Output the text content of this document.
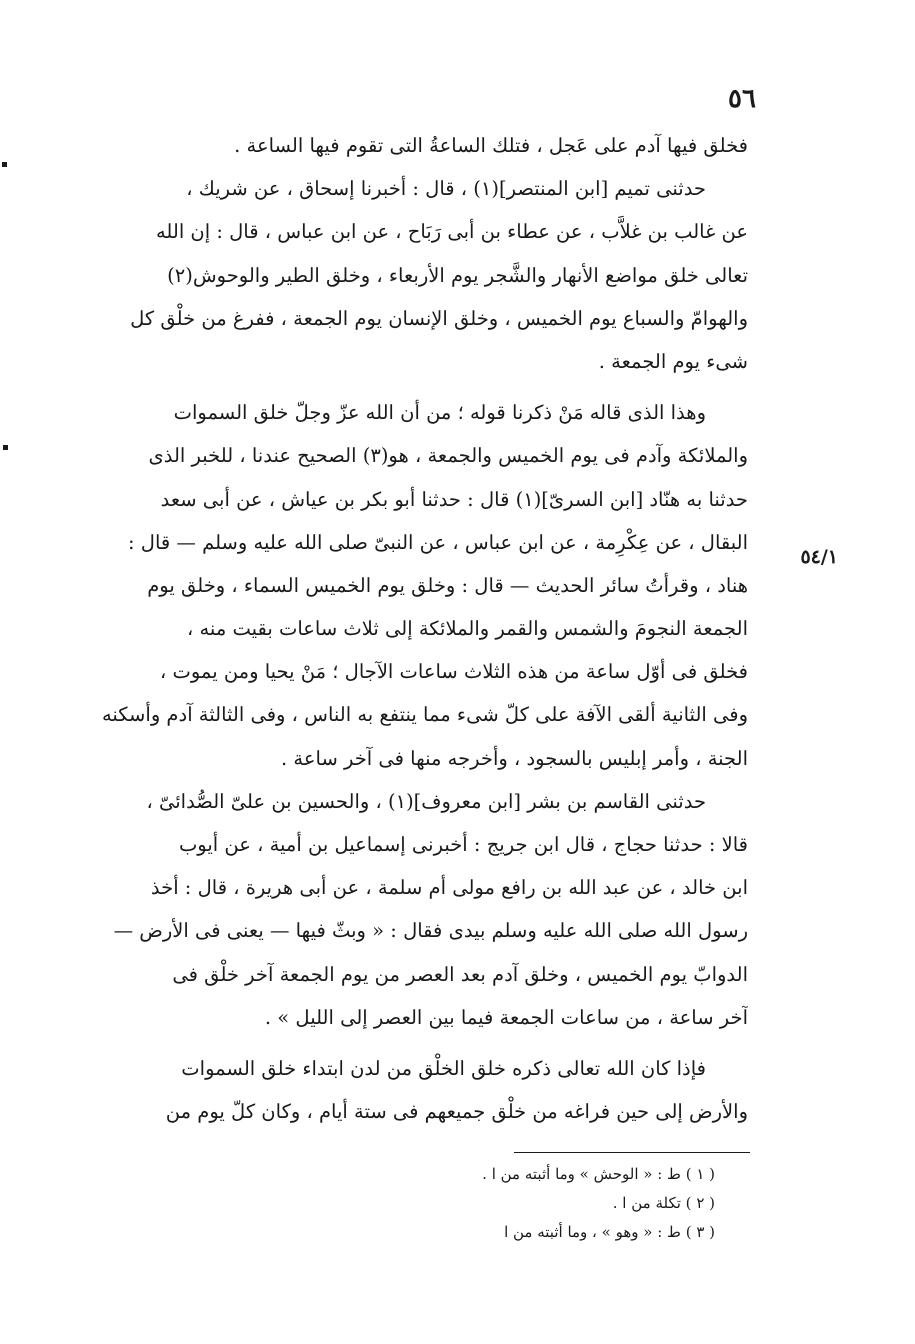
٥٦
٥٤/١
فخلق فيها آدم على عَجل ، فتلك الساعةُ التى تقوم فيها الساعة .
حدثنى تميم [ابن المنتصر](١) ، قال : أخبرنا إسحاق ، عن شريك ،
عن غالب بن غلاَّب ، عن عطاء بن أبى رَبَاح ، عن ابن عباس ، قال : إن الله
تعالى خلق مواضع الأنهار والشَّجر يوم الأربعاء ، وخلق الطير والوحوش(٢)
والهوامّ والسباع يوم الخميس ، وخلق الإنسان يوم الجمعة ، ففرغ من خلْق كل
شىء يوم الجمعة .
وهذا الذى قاله مَنْ ذكرنا قوله ؛ من أن الله عزّ وجلّ خلق السموات
والملائكة وآدم فى يوم الخميس والجمعة ، هو(٣) الصحيح عندنا ، للخبر الذى
حدثنا به هنّاد [ابن السرىّ](١) قال : حدثنا أبو بكر بن عياش ، عن أبى سعد
البقال ، عن عِكْرِمة ، عن ابن عباس ، عن النبىّ صلى الله عليه وسلم — قال :
هناد ، وقرأتُ سائر الحديث — قال : وخلق يوم الخميس السماء ، وخلق يوم
الجمعة النجومَ والشمس والقمر والملائكة إلى ثلاث ساعات بقيت منه ،
فخلق فى أوّل ساعة من هذه الثلاث ساعات الآجال ؛ مَنْ يحيا ومن يموت ،
وفى الثانية ألقى الآفة على كلّ شىء مما ينتفع به الناس ، وفى الثالثة آدم وأسكنه
الجنة ، وأمر إبليس بالسجود ، وأخرجه منها فى آخر ساعة .
حدثنى القاسم بن بشر [ابن معروف](١) ، والحسين بن علىّ الصُّدائىّ ،
قالا : حدثنا حجاج ، قال ابن جريج : أخبرنى إسماعيل بن أمية ، عن أيوب
ابن خالد ، عن عبد الله بن رافع مولى أم سلمة ، عن أبى هريرة ، قال : أخذ
رسول الله صلى الله عليه وسلم بيدى فقال : « وبثّ فيها — يعنى فى الأرض —
الدوابّ يوم الخميس ، وخلق آدم بعد العصر من يوم الجمعة آخر خلْق فى
آخر ساعة ، من ساعات الجمعة فيما بين العصر إلى الليل » .
فإذا كان الله تعالى ذكره خلق الخلْق من لدن ابتداء خلق السموات
والأرض إلى حين فراغه من خلْق جميعهم فى ستة أيام ، وكان كلّ يوم من
( ١ ) ط : « الوحش » وما أثبته من ا .
( ٢ ) تكلة من ا .
( ٣ ) ط : « وهو » ، وما أثبته من ا
